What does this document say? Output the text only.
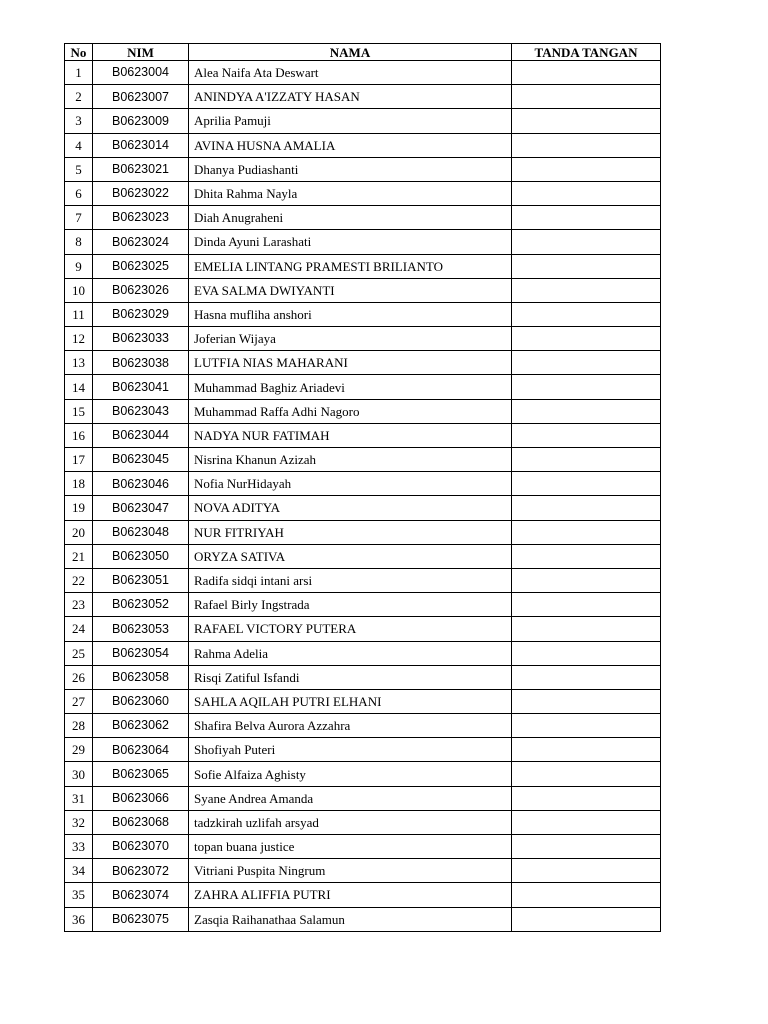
No	NIM	NAMA	TANDA TANGAN
1	B0623004	Alea Naifa Ata Deswart	
2	B0623007	ANINDYA A'IZZATY HASAN	
3	B0623009	Aprilia Pamuji	
4	B0623014	AVINA HUSNA AMALIA	
5	B0623021	Dhanya Pudiashanti	
6	B0623022	Dhita Rahma Nayla	
7	B0623023	Diah Anugraheni	
8	B0623024	Dinda Ayuni Larashati	
9	B0623025	EMELIA LINTANG PRAMESTI BRILIANTO	
10	B0623026	EVA SALMA DWIYANTI	
11	B0623029	Hasna mufliha anshori	
12	B0623033	Joferian Wijaya	
13	B0623038	LUTFIA NIAS MAHARANI	
14	B0623041	Muhammad Baghiz Ariadevi	
15	B0623043	Muhammad Raffa Adhi Nagoro	
16	B0623044	NADYA NUR FATIMAH	
17	B0623045	Nisrina Khanun Azizah	
18	B0623046	Nofia NurHidayah	
19	B0623047	NOVA ADITYA	
20	B0623048	NUR FITRIYAH	
21	B0623050	ORYZA SATIVA	
22	B0623051	Radifa sidqi intani arsi	
23	B0623052	Rafael Birly Ingstrada	
24	B0623053	RAFAEL VICTORY PUTERA	
25	B0623054	Rahma Adelia	
26	B0623058	Risqi Zatiful Isfandi	
27	B0623060	SAHLA AQILAH PUTRI ELHANI	
28	B0623062	Shafira Belva Aurora Azzahra	
29	B0623064	Shofiyah Puteri	
30	B0623065	Sofie Alfaiza Aghisty	
31	B0623066	Syane Andrea Amanda	
32	B0623068	tadzkirah uzlifah arsyad	
33	B0623070	topan buana justice	
34	B0623072	Vitriani Puspita Ningrum	
35	B0623074	ZAHRA ALIFFIA PUTRI	
36	B0623075	Zasqia Raihanathaa Salamun	
